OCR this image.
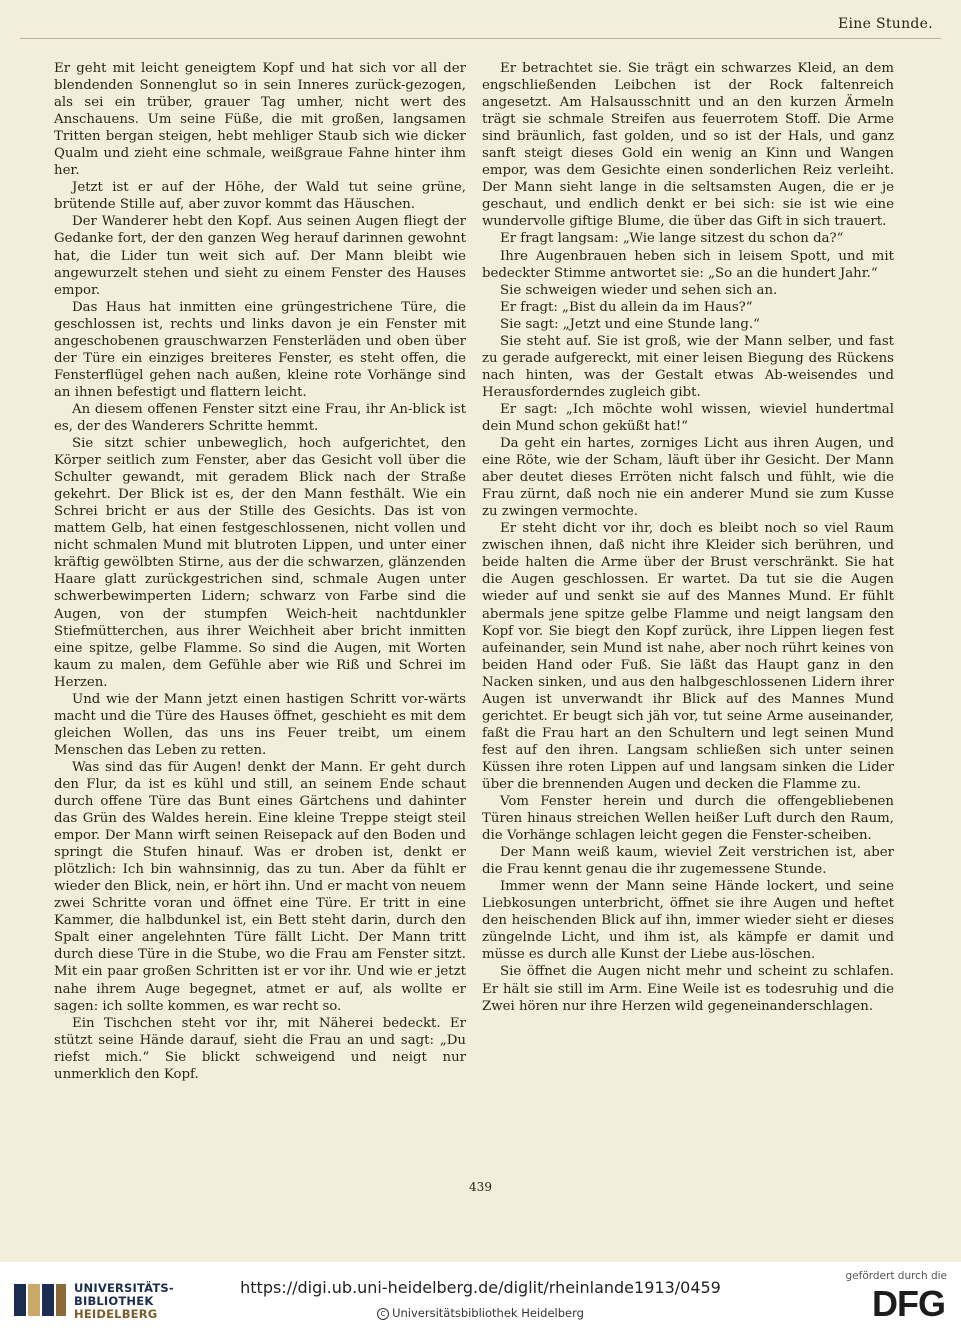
Eine Stunde.

Er geht mit leicht geneigtem Kopf und hat sich vor all der blendenden Sonnenglut so in sein Inneres zurück-gezogen, als sei ein trüber, grauer Tag umher, nicht wert des Anschauens. Um seine Füße, die mit großen, langsamen Tritten bergan steigen, hebt mehliger Staub sich wie dicker Qualm und zieht eine schmale, weißgraue Fahne hinter ihm her.

Jetzt ist er auf der Höhe, der Wald tut seine grüne, brütende Stille auf, aber zuvor kommt das Häuschen.

Der Wanderer hebt den Kopf. Aus seinen Augen fliegt der Gedanke fort, der den ganzen Weg herauf darinnen gewohnt hat, die Lider tun weit sich auf. Der Mann bleibt wie angewurzelt stehen und sieht zu einem Fenster des Hauses empor.

Das Haus hat inmitten eine grüngestrichene Türe, die geschlossen ist, rechts und links davon je ein Fenster mit angeschobenen grauschwarzen Fensterläden und oben über der Türe ein einziges breiteres Fenster, es steht offen, die Fensterflügel gehen nach außen, kleine rote Vorhänge sind an ihnen befestigt und flattern leicht.

An diesem offenen Fenster sitzt eine Frau, ihr An-blick ist es, der des Wanderers Schritte hemmt.

Sie sitzt schier unbeweglich, hoch aufgerichtet, den Körper seitlich zum Fenster, aber das Gesicht voll über die Schulter gewandt, mit geradem Blick nach der Straße gekehrt. Der Blick ist es, der den Mann festhält. Wie ein Schrei bricht er aus der Stille des Gesichts. Das ist von mattem Gelb, hat einen festgeschlossenen, nicht vollen und nicht schmalen Mund mit blutroten Lippen, und unter einer kräftig gewölbten Stirne, aus der die schwarzen, glänzenden Haare glatt zurückgestrichen sind, schmale Augen unter schwerbewimperten Lidern; schwarz von Farbe sind die Augen, von der stumpfen Weich-heit nachtdunkler Stiefmütterchen, aus ihrer Weichheit aber bricht inmitten eine spitze, gelbe Flamme. So sind die Augen, mit Worten kaum zu malen, dem Gefühle aber wie Riß und Schrei im Herzen.

Und wie der Mann jetzt einen hastigen Schritt vor-wärts macht und die Türe des Hauses öffnet, geschieht es mit dem gleichen Wollen, das uns ins Feuer treibt, um einem Menschen das Leben zu retten.

Was sind das für Augen! denkt der Mann. Er geht durch den Flur, da ist es kühl und still, an seinem Ende schaut durch offene Türe das Bunt eines Gärtchens und dahinter das Grün des Waldes herein. Eine kleine Treppe steigt steil empor. Der Mann wirft seinen Reisepack auf den Boden und springt die Stufen hinauf. Was er droben ist, denkt er plötzlich: Ich bin wahnsinnig, das zu tun. Aber da fühlt er wieder den Blick, nein, er hört ihn. Und er macht von neuem zwei Schritte voran und öffnet eine Türe. Er tritt in eine Kammer, die halbdunkel ist, ein Bett steht darin, durch den Spalt einer angelehnten Türe fällt Licht. Der Mann tritt durch diese Türe in die Stube, wo die Frau am Fenster sitzt. Mit ein paar großen Schritten ist er vor ihr. Und wie er jetzt nahe ihrem Auge begegnet, atmet er auf, als wollte er sagen: ich sollte kommen, es war recht so.

Ein Tischchen steht vor ihr, mit Näherei bedeckt. Er stützt seine Hände darauf, sieht die Frau an und sagt: „Du riefst mich.“ Sie blickt schweigend und neigt nur unmerklich den Kopf.

Er betrachtet sie. Sie trägt ein schwarzes Kleid, an dem engschließenden Leibchen ist der Rock faltenreich angesetzt. Am Halsausschnitt und an den kurzen Ärmeln trägt sie schmale Streifen aus feuerrotem Stoff. Die Arme sind bräunlich, fast golden, und so ist der Hals, und ganz sanft steigt dieses Gold ein wenig an Kinn und Wangen empor, was dem Gesichte einen sonderlichen Reiz verleiht. Der Mann sieht lange in die seltsamsten Augen, die er je geschaut, und endlich denkt er bei sich: sie ist wie eine wundervolle giftige Blume, die über das Gift in sich trauert.

Er fragt langsam: „Wie lange sitzest du schon da?“

Ihre Augenbrauen heben sich in leisem Spott, und mit bedeckter Stimme antwortet sie: „So an die hundert Jahr.“

Sie schweigen wieder und sehen sich an.

Er fragt: „Bist du allein da im Haus?“

Sie sagt: „Jetzt und eine Stunde lang.“

Sie steht auf. Sie ist groß, wie der Mann selber, und fast zu gerade aufgereckt, mit einer leisen Biegung des Rückens nach hinten, was der Gestalt etwas Ab-weisendes und Herausforderndes zugleich gibt.

Er sagt: „Ich möchte wohl wissen, wieviel hundertmal dein Mund schon geküßt hat!“

Da geht ein hartes, zorniges Licht aus ihren Augen, und eine Röte, wie der Scham, läuft über ihr Gesicht. Der Mann aber deutet dieses Erröten nicht falsch und fühlt, wie die Frau zürnt, daß noch nie ein anderer Mund sie zum Kusse zu zwingen vermochte.

Er steht dicht vor ihr, doch es bleibt noch so viel Raum zwischen ihnen, daß nicht ihre Kleider sich berühren, und beide halten die Arme über der Brust verschränkt. Sie hat die Augen geschlossen. Er wartet. Da tut sie die Augen wieder auf und senkt sie auf des Mannes Mund. Er fühlt abermals jene spitze gelbe Flamme und neigt langsam den Kopf vor. Sie biegt den Kopf zurück, ihre Lippen liegen fest aufeinander, sein Mund ist nahe, aber noch rührt keines von beiden Hand oder Fuß. Sie läßt das Haupt ganz in den Nacken sinken, und aus den halbgeschlossenen Lidern ihrer Augen ist unverwandt ihr Blick auf des Mannes Mund gerichtet. Er beugt sich jäh vor, tut seine Arme auseinander, faßt die Frau hart an den Schultern und legt seinen Mund fest auf den ihren. Langsam schließen sich unter seinen Küssen ihre roten Lippen auf und langsam sinken die Lider über die brennenden Augen und decken die Flamme zu.

Vom Fenster herein und durch die offengebliebenen Türen hinaus streichen Wellen heißer Luft durch den Raum, die Vorhänge schlagen leicht gegen die Fenster-scheiben.

Der Mann weiß kaum, wieviel Zeit verstrichen ist, aber die Frau kennt genau die ihr zugemessene Stunde.

Immer wenn der Mann seine Hände lockert, und seine Liebkosungen unterbricht, öffnet sie ihre Augen und heftet den heischenden Blick auf ihn, immer wieder sieht er dieses züngelnde Licht, und ihm ist, als kämpfe er damit und müsse es durch alle Kunst der Liebe aus-löschen.

Sie öffnet die Augen nicht mehr und scheint zu schlafen. Er hält sie still im Arm. Eine Weile ist es todesruhig und die Zwei hören nur ihre Herzen wild gegeneinanderschlagen.

439
UNIVERSITÄTS-
BIBLIOTHEK
HEIDELBERG
https://digi.ub.uni-heidelberg.de/diglit/rheinlande1913/0459
C Universitätsbibliothek Heidelberg
gefördert durch die
DFG
